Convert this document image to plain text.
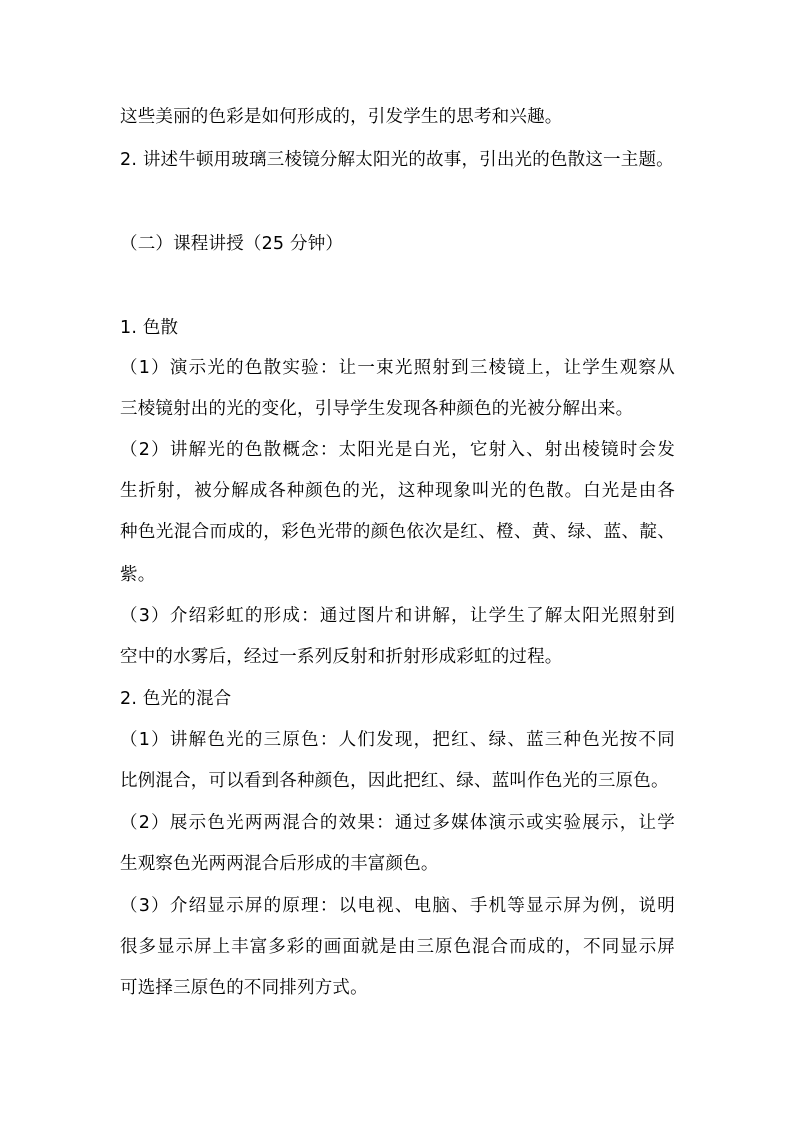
这些美丽的色彩是如何形成的，引发学生的思考和兴趣。
2. 讲述牛顿用玻璃三棱镜分解太阳光的故事，引出光的色散这一主题。
（二）课程讲授（25 分钟）
1. 色散
（1）演示光的色散实验：让一束光照射到三棱镜上，让学生观察从
三棱镜射出的光的变化，引导学生发现各种颜色的光被分解出来。
（2）讲解光的色散概念：太阳光是白光，它射入、射出棱镜时会发
生折射，被分解成各种颜色的光，这种现象叫光的色散。白光是由各
种色光混合而成的，彩色光带的颜色依次是红、橙、黄、绿、蓝、靛、
紫。
（3）介绍彩虹的形成：通过图片和讲解，让学生了解太阳光照射到
空中的水雾后，经过一系列反射和折射形成彩虹的过程。
2. 色光的混合
（1）讲解色光的三原色：人们发现，把红、绿、蓝三种色光按不同
比例混合，可以看到各种颜色，因此把红、绿、蓝叫作色光的三原色。
（2）展示色光两两混合的效果：通过多媒体演示或实验展示，让学
生观察色光两两混合后形成的丰富颜色。
（3）介绍显示屏的原理：以电视、电脑、手机等显示屏为例，说明
很多显示屏上丰富多彩的画面就是由三原色混合而成的，不同显示屏
可选择三原色的不同排列方式。
